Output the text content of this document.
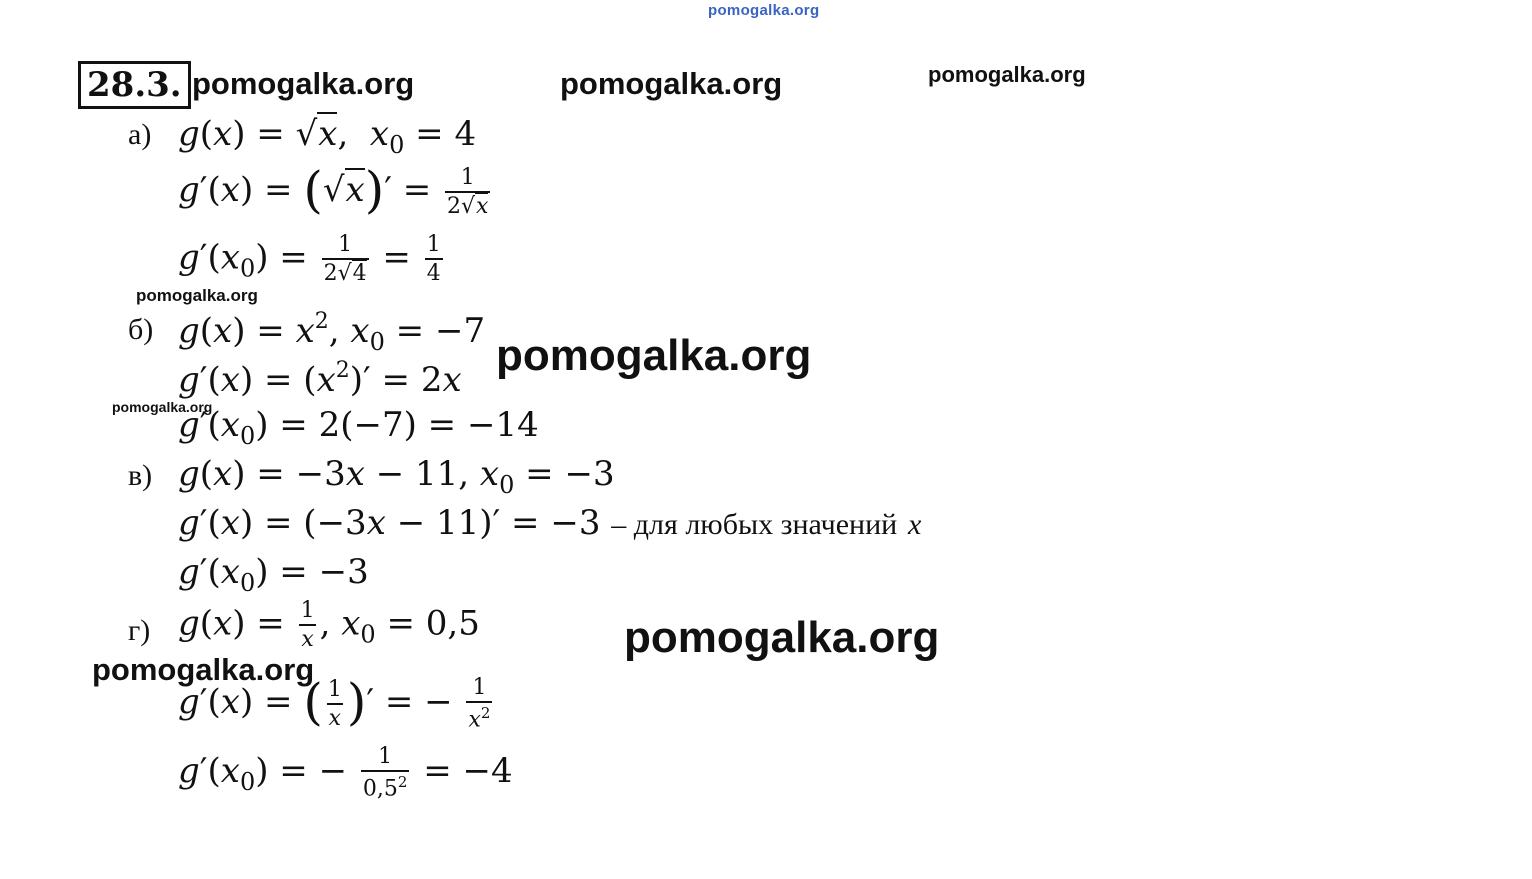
pomogalka.org
pomogalka.org	pomogalka.org	pomogalka.org
pomogalka.org
pomogalka.org
pomogalka.org
pomogalka.org
pomogalka.org
28.3.
а) g(x) = √x,  $x_0 = 4$
$g'(x) = (√x)' = \frac{1}{2√x}$
$g'(x_0) = \frac{1}{2√4} = \frac{1}{4}$
б) $g(x) = x^2$, $x_0 = -7$
$g'(x) = (x^2)' = 2x$
$g'(x_0) = 2(-7) = -14$
в) g(x) = −3x − 11, $x_0 = -3$
g′(x) = (−3x − 11)′ = −3 – для любых значений x
$g'(x_0) = -3$
г) $g(x) = \frac{1}{x}$ , $x_0 = 0,5$
g′(x) = ( $\frac{1}{x}$ )′ = − $\frac{1}{x^2}$
$g'(x_0)$ = − $\frac{1}{0,5^2} = -4$
